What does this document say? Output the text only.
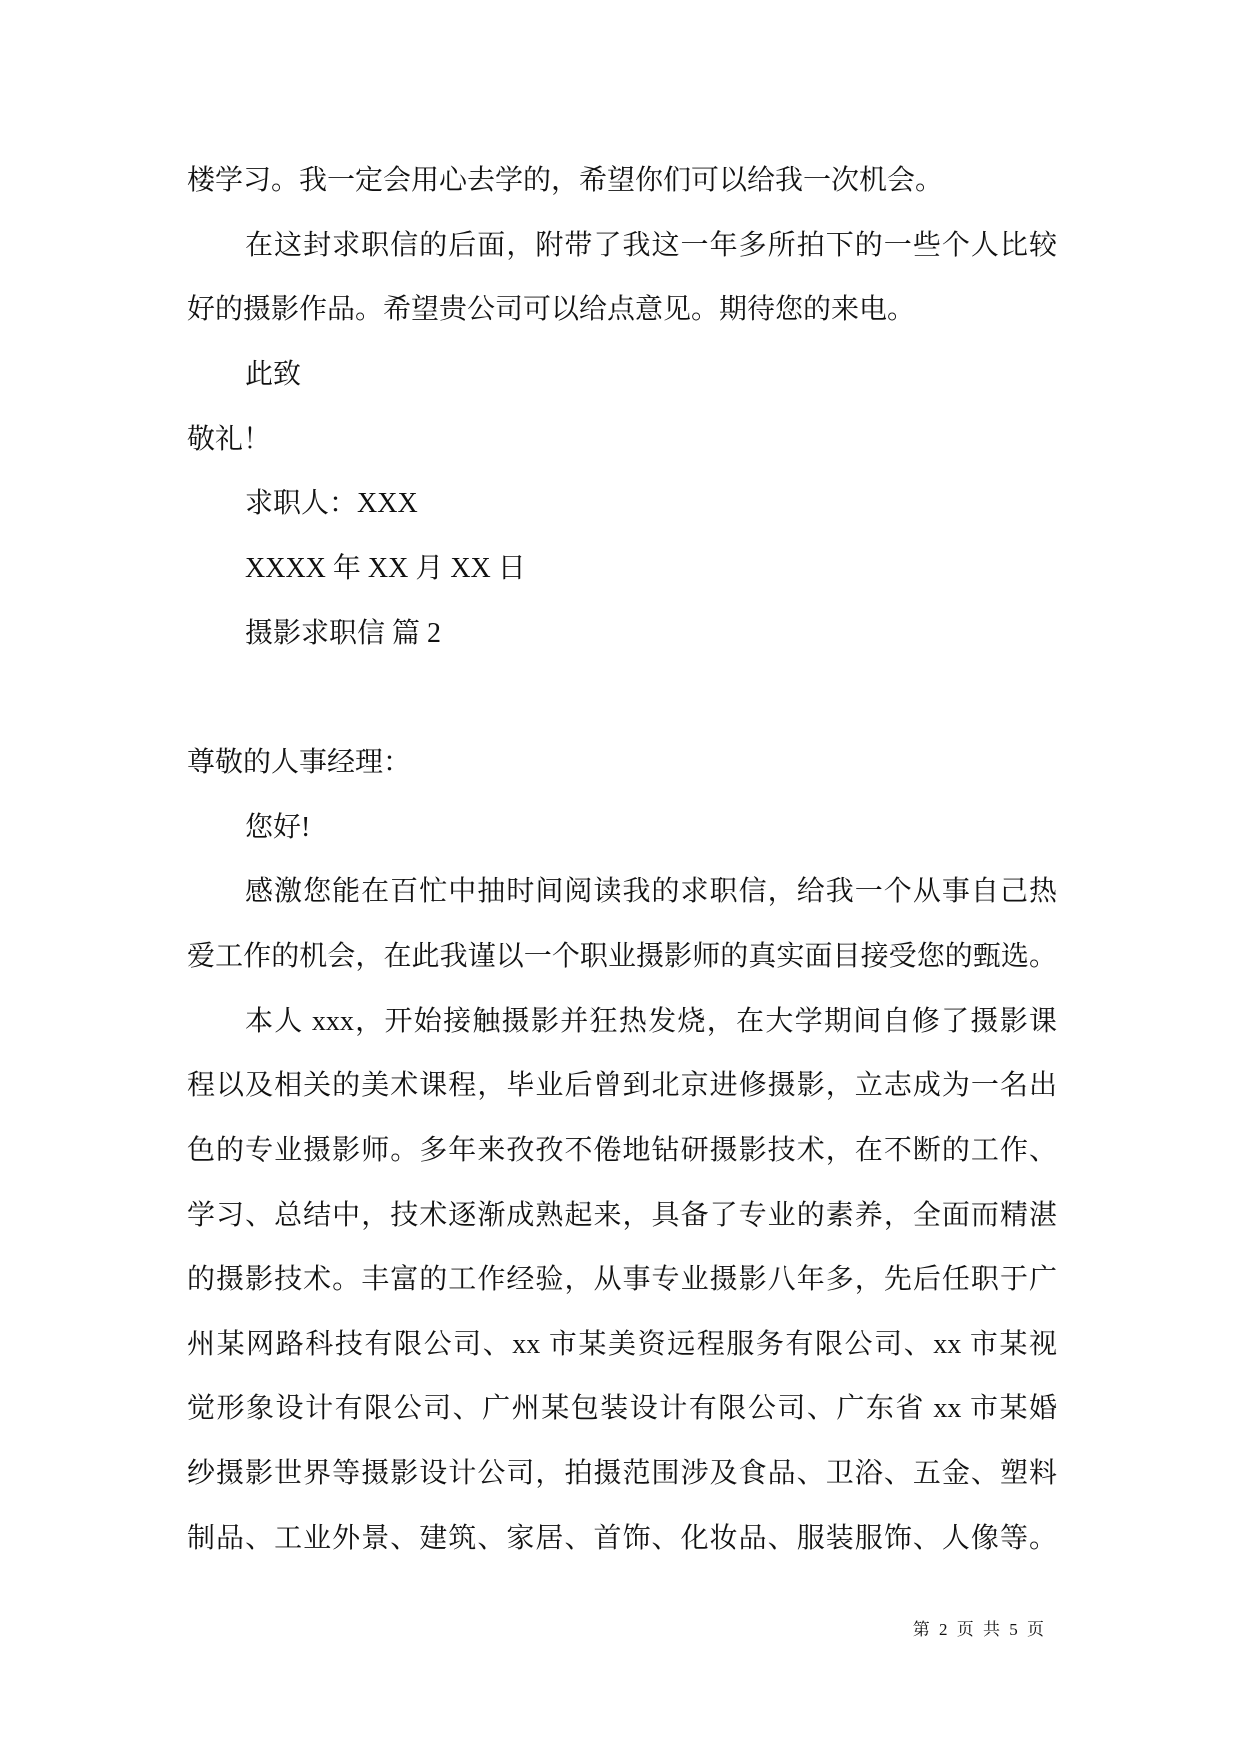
楼学习。我一定会用心去学的，希望你们可以给我一次机会。
在这封求职信的后面，附带了我这一年多所拍下的一些个人比较
好的摄影作品。希望贵公司可以给点意见。期待您的来电。
此致
敬礼！
求职人：XXX
XXXX 年 XX 月 XX 日
摄影求职信 篇 2
尊敬的人事经理：
您好!
感激您能在百忙中抽时间阅读我的求职信，给我一个从事自己热
爱工作的机会，在此我谨以一个职业摄影师的真实面目接受您的甄选。
本人 xxx，开始接触摄影并狂热发烧，在大学期间自修了摄影课
程以及相关的美术课程，毕业后曾到北京进修摄影，立志成为一名出
色的专业摄影师。多年来孜孜不倦地钻研摄影技术，在不断的工作、
学习、总结中，技术逐渐成熟起来，具备了专业的素养，全面而精湛
的摄影技术。丰富的工作经验，从事专业摄影八年多，先后任职于广
州某网路科技有限公司、xx 市某美资远程服务有限公司、xx 市某视
觉形象设计有限公司、广州某包装设计有限公司、广东省 xx 市某婚
纱摄影世界等摄影设计公司，拍摄范围涉及食品、卫浴、五金、塑料
制品、工业外景、建筑、家居、首饰、化妆品、服装服饰、人像等。
第 2 页 共 5 页
